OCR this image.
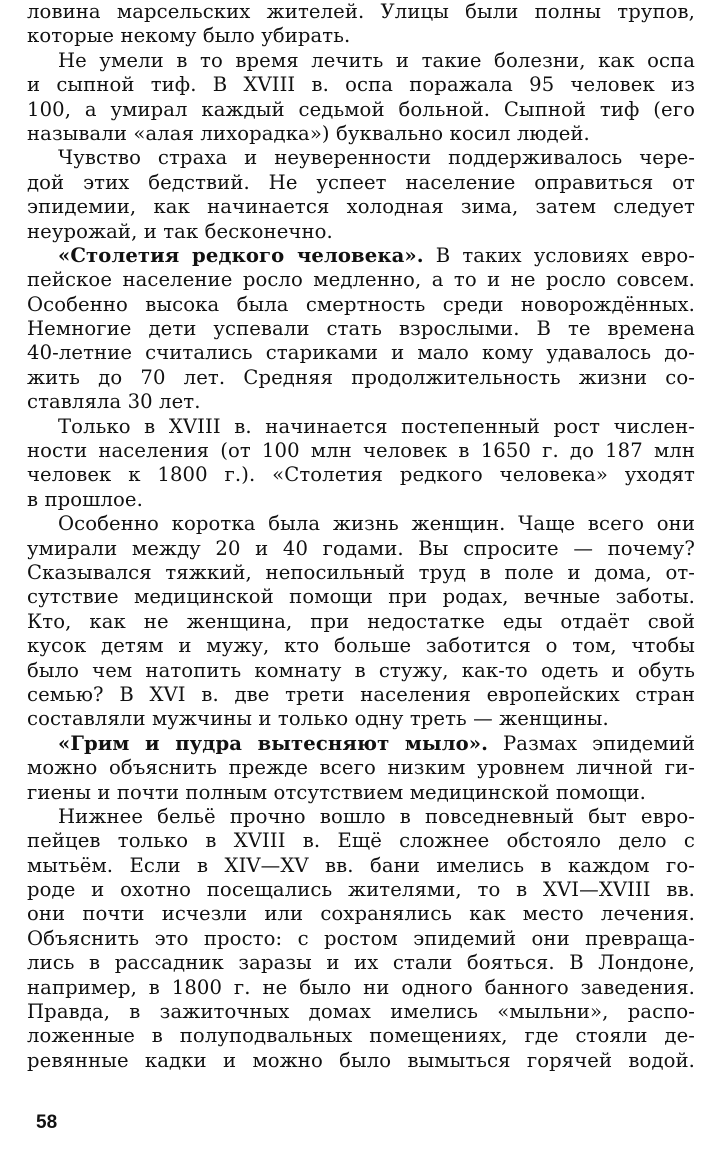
ловина марсельских жителей. Улицы были полны трупов,
которые некому было убирать.
Не умели в то время лечить и такие болезни, как оспа
и сыпной тиф. В XVIII в. оспа поражала 95 человек из
100, а умирал каждый седьмой больной. Сыпной тиф (его
называли «алая лихорадка») буквально косил людей.
Чувство страха и неуверенности поддерживалось чере-
дой этих бедствий. Не успеет население оправиться от
эпидемии, как начинается холодная зима, затем следует
неурожай, и так бесконечно.
«Столетия редкого человека». В таких условиях евро-
пейское население росло медленно, а то и не росло совсем.
Особенно высока была смертность среди новорождённых.
Немногие дети успевали стать взрослыми. В те времена
40-летние считались стариками и мало кому удавалось до-
жить до 70 лет. Средняя продолжительность жизни со-
ставляла 30 лет.
Только в XVIII в. начинается постепенный рост числен-
ности населения (от 100 млн человек в 1650 г. до 187 млн
человек к 1800 г.). «Столетия редкого человека» уходят
в прошлое.
Особенно коротка была жизнь женщин. Чаще всего они
умирали между 20 и 40 годами. Вы спросите — почему?
Сказывался тяжкий, непосильный труд в поле и дома, от-
сутствие медицинской помощи при родах, вечные заботы.
Кто, как не женщина, при недостатке еды отдаёт свой
кусок детям и мужу, кто больше заботится о том, чтобы
было чем натопить комнату в стужу, как-то одеть и обуть
семью? В XVI в. две трети населения европейских стран
составляли мужчины и только одну треть — женщины.
«Грим и пудра вытесняют мыло». Размах эпидемий
можно объяснить прежде всего низким уровнем личной ги-
гиены и почти полным отсутствием медицинской помощи.
Нижнее бельё прочно вошло в повседневный быт евро-
пейцев только в XVIII в. Ещё сложнее обстояло дело с
мытьём. Если в XIV—XV вв. бани имелись в каждом го-
роде и охотно посещались жителями, то в XVI—XVIII вв.
они почти исчезли или сохранялись как место лечения.
Объяснить это просто: с ростом эпидемий они превраща-
лись в рассадник заразы и их стали бояться. В Лондоне,
например, в 1800 г. не было ни одного банного заведения.
Правда, в зажиточных домах имелись «мыльни», распо-
ложенные в полуподвальных помещениях, где стояли де-
ревянные кадки и можно было вымыться горячей водой.
58
